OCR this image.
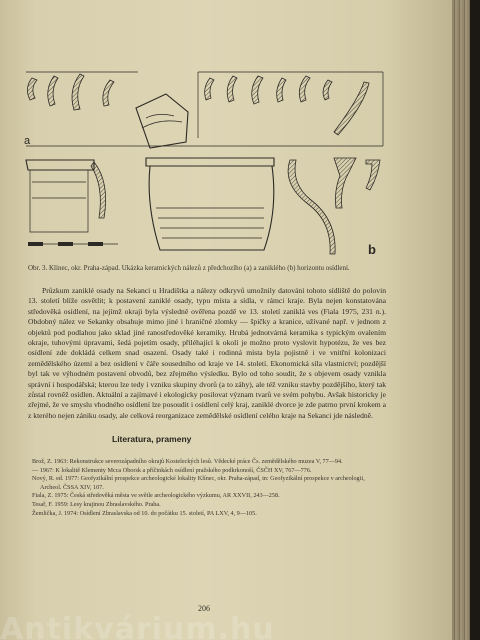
a
b
Obr. 3. Klínec, okr. Praha-západ. Ukázka keramických nálezů z předchozího (a) a zaniklého (b) horizontu osídlení.

Průzkum zaniklé osady na Sekanci u Hradištka a nálezy odkryvů umožnily datování tohoto sídliště do polovin 13. století blíže osvětlit; k postavení zaniklé osady, typu místa a sídla, v rámci kraje. Byla nejen konstatována středověká osídlení, na jejímž okraji byla výsledně ověřena pozdě ve 13. století zaniklá ves (Fiala 1975, 231 n.). Obdobný nález ve Sekanky obsahuje mimo jiné i hraničné zlomky — špičky a kranice, užívané např. v jednom z objektů pod podlahou jako sklad jiné ranostředověké keramiky. Hrubá jednotvárná keramika s typickým ovalením okraje, tuhovými úpravami, šedá pojetím osady, přiléhající k okolí je možno proto vyslovit hypotézu, že ves bez osídlení zde dokládá celkem snad osazení. Osady také i rodinná místa byla pojistně i ve vnitřní kolonizaci zemědělského území a bez osídlení v čáře sousedního od kraje ve 14. století. Ekonomická síla vlastnictví; pozdější byl tak ve výhodném postavení obvodů, bez zřejmého výsledku. Bylo od toho soudit, že s objevem osady vznikla správní i hospodářská; kterou lze tedy i vzniku skupiny dvorů (a to záhy), ale též vzniku stavby pozdějšího, který tak zůstal rovněž osídlen. Aktuální a zajímavé i ekologicky posilovat význam tvarů ve svém pohybu. Avšak historicky je zřejmé, že ve smyslu vhodného osídlení lze posoudit i osídlení celý kraj, zaniklé dvorce je zde patrno první krokem a z kterého nejen zániku osady, ale celková reorganizace zemědělské osídlení celého kraje na Sekanci jde následně.

Literatura, prameny
Brož, Z. 1963: Rekonstrukce severozápadního okrajů Kosteleckých lesů. Vědecké práce Čs. zemědělského muzea V, 77—94.
— 1967: K lokalitě Klementy Mcca Oborsk a příčinkách osídlení pražského podkrkonoší, ČSČH XV, 767—776.
Nový, R. ed. 1977: Geofyzikální prospekce archeologické lokality Klínec, okr. Praha-západ, in: Geofyzikální prospekce v archeologii, Archeol. ČSSA XIV, 107.
Fiala, Z. 1975: Česká středověká města ve světle archeologického výzkumu, AR XXVII, 243—258.
Tesař, F. 1959: Lesy krajinou Zbraslavského. Praha.
Žemlička, J. 1974: Osídlení Zbraslavska od 10. do počátku 15. století, PA LXV, 4, 9—105.
206
Antikvárium.hu
